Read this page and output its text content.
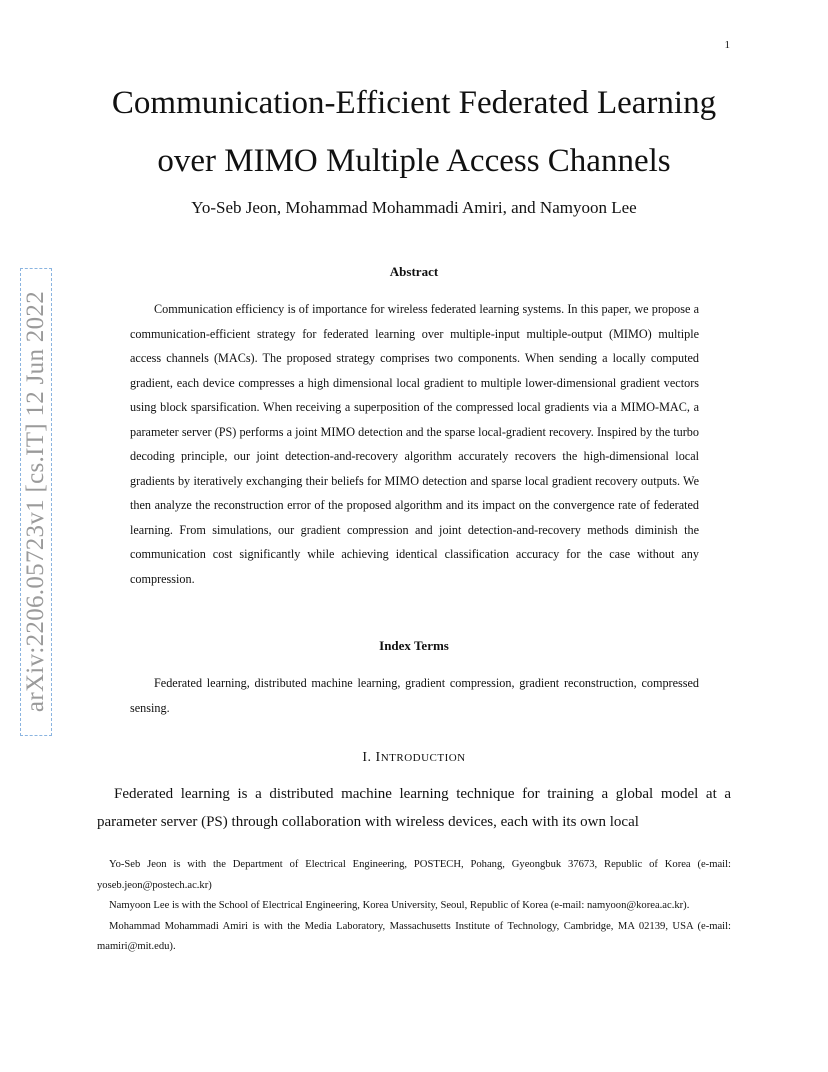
1
arXiv:2206.05723v1 [cs.IT] 12 Jun 2022
Communication-Efficient Federated Learning
over MIMO Multiple Access Channels
Yo-Seb Jeon, Mohammad Mohammadi Amiri, and Namyoon Lee
Abstract

Communication efficiency is of importance for wireless federated learning systems. In this paper, we propose a communication-efficient strategy for federated learning over multiple-input multiple-output (MIMO) multiple access channels (MACs). The proposed strategy comprises two components. When sending a locally computed gradient, each device compresses a high dimensional local gradient to multiple lower-dimensional gradient vectors using block sparsification. When receiving a superposition of the compressed local gradients via a MIMO-MAC, a parameter server (PS) performs a joint MIMO detection and the sparse local-gradient recovery. Inspired by the turbo decoding principle, our joint detection-and-recovery algorithm accurately recovers the high-dimensional local gradients by iteratively exchanging their beliefs for MIMO detection and sparse local gradient recovery outputs. We then analyze the reconstruction error of the proposed algorithm and its impact on the convergence rate of federated learning. From simulations, our gradient compression and joint detection-and-recovery methods diminish the communication cost significantly while achieving identical classification accuracy for the case without any compression.

Index Terms

Federated learning, distributed machine learning, gradient compression, gradient reconstruction, compressed sensing.

I. INTRODUCTION

Federated learning is a distributed machine learning technique for training a global model at a parameter server (PS) through collaboration with wireless devices, each with its own local

Yo-Seb Jeon is with the Department of Electrical Engineering, POSTECH, Pohang, Gyeongbuk 37673, Republic of Korea (e-mail: yoseb.jeon@postech.ac.kr)

Namyoon Lee is with the School of Electrical Engineering, Korea University, Seoul, Republic of Korea (e-mail: namyoon@korea.ac.kr).

Mohammad Mohammadi Amiri is with the Media Laboratory, Massachusetts Institute of Technology, Cambridge, MA 02139, USA (e-mail: mamiri@mit.edu).
